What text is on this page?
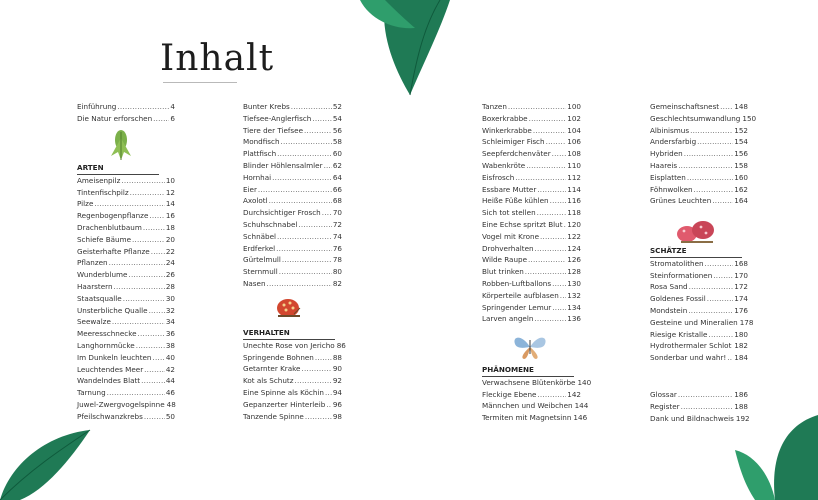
Inhalt
Einführung .....	4
Die Natur erforschen .....	6
ARTEN
Ameisenpilz .....	10
Tintenfischpilz .....	12
Pilze .....	14
Regenbogenpflanze ..... 16
Drachenblutbaum .....	18
Schiefe Bäume .....	20
Geisterhafte Pflanze ..... 22
Pflanzen .....	24
Wunderblume .....	26
Haarstern .....	28
Staatsqualle .....	30
Unsterbliche Qualle .....	32
Seewalze .....	34
Meeresschnecke .....	36
Langhornmücke .....	38
Im Dunkeln leuchten ..... 40
Leuchtendes Meer .....	42
Wandelndes Blatt .....	44
Tarnung .....	46
Juwel-Zwergvogelspinne 48
Pfeilschwanzkrebs .....	50
Bunter Krebs .....	52
Tiefsee-Anglerfisch .....	54
Tiere der Tiefsee .....	56
Mondfisch .....	58
Plattfisch .....	60
Blinder Höhlensalmler ..... 62
Hornhai .....	64
Eier .....	66
Axolotl .....	68
Durchsichtiger Frosch ..... 70
Schuhschnabel .....	72
Schnäbel .....	74
Erdferkel .....	76
Gürtelmull .....	78
Sternmull .....	80
Nasen .....	82
VERHALTEN
Unechte Rose von Jericho 86
Springende Bohnen .....	88
Getarnter Krake .....	90
Kot als Schutz .....	92
Eine Spinne als Köchin ..... 94
Gepanzerter Hinterleib ..... 96
Tanzende Spinne .....	98
Tanzen .....	100
Boxerkrabbe .....	102
Winkerkrabbe .....	104
Schleimiger Fisch .....	106
Seepferdchenväter ..... 108
Wabenkröte .....	110
Eisfrosch .....	112
Essbare Mutter .....	114
Heiße Füße kühlen .....	116
Sich tot stellen .....	118
Eine Echse spritzt Blut ..... 120
Vogel mit Krone .....	122
Drohverhalten .....	124
Wilde Raupe .....	126
Blut trinken .....	128
Robben-Luftballons ..... 130
Körperteile aufblasen ..... 132
Springender Lemur ..... 134
Larven angeln .....	136
PHÄNOMENE
Verwachsene Blütenkörbe 140
Fleckige Ebene .....	142
Männchen und Weibchen 144
Termiten mit Magnetsinn 146
Gemeinschaftsnest ..... 148
Geschlechtsumwandlung 150
Albinismus .....	152
Andersfarbig .....	154
Hybriden .....	156
Haareis .....	158
Eisplatten .....	160
Föhnwolken .....	162
Grünes Leuchten .....	164
SCHÄTZE
Stromatolithen .....	168
Steinformationen .....	170
Rosa Sand .....	172
Goldenes Fossil .....	174
Mondstein .....	176
Gesteine und Mineralien 178
Riesige Kristalle .....	180
Hydrothermaler Schlot ..... 182
Sonderbar und wahr! ..... 184
Glossar .....	186
Register .....	188
Dank und Bildnachweis 192
